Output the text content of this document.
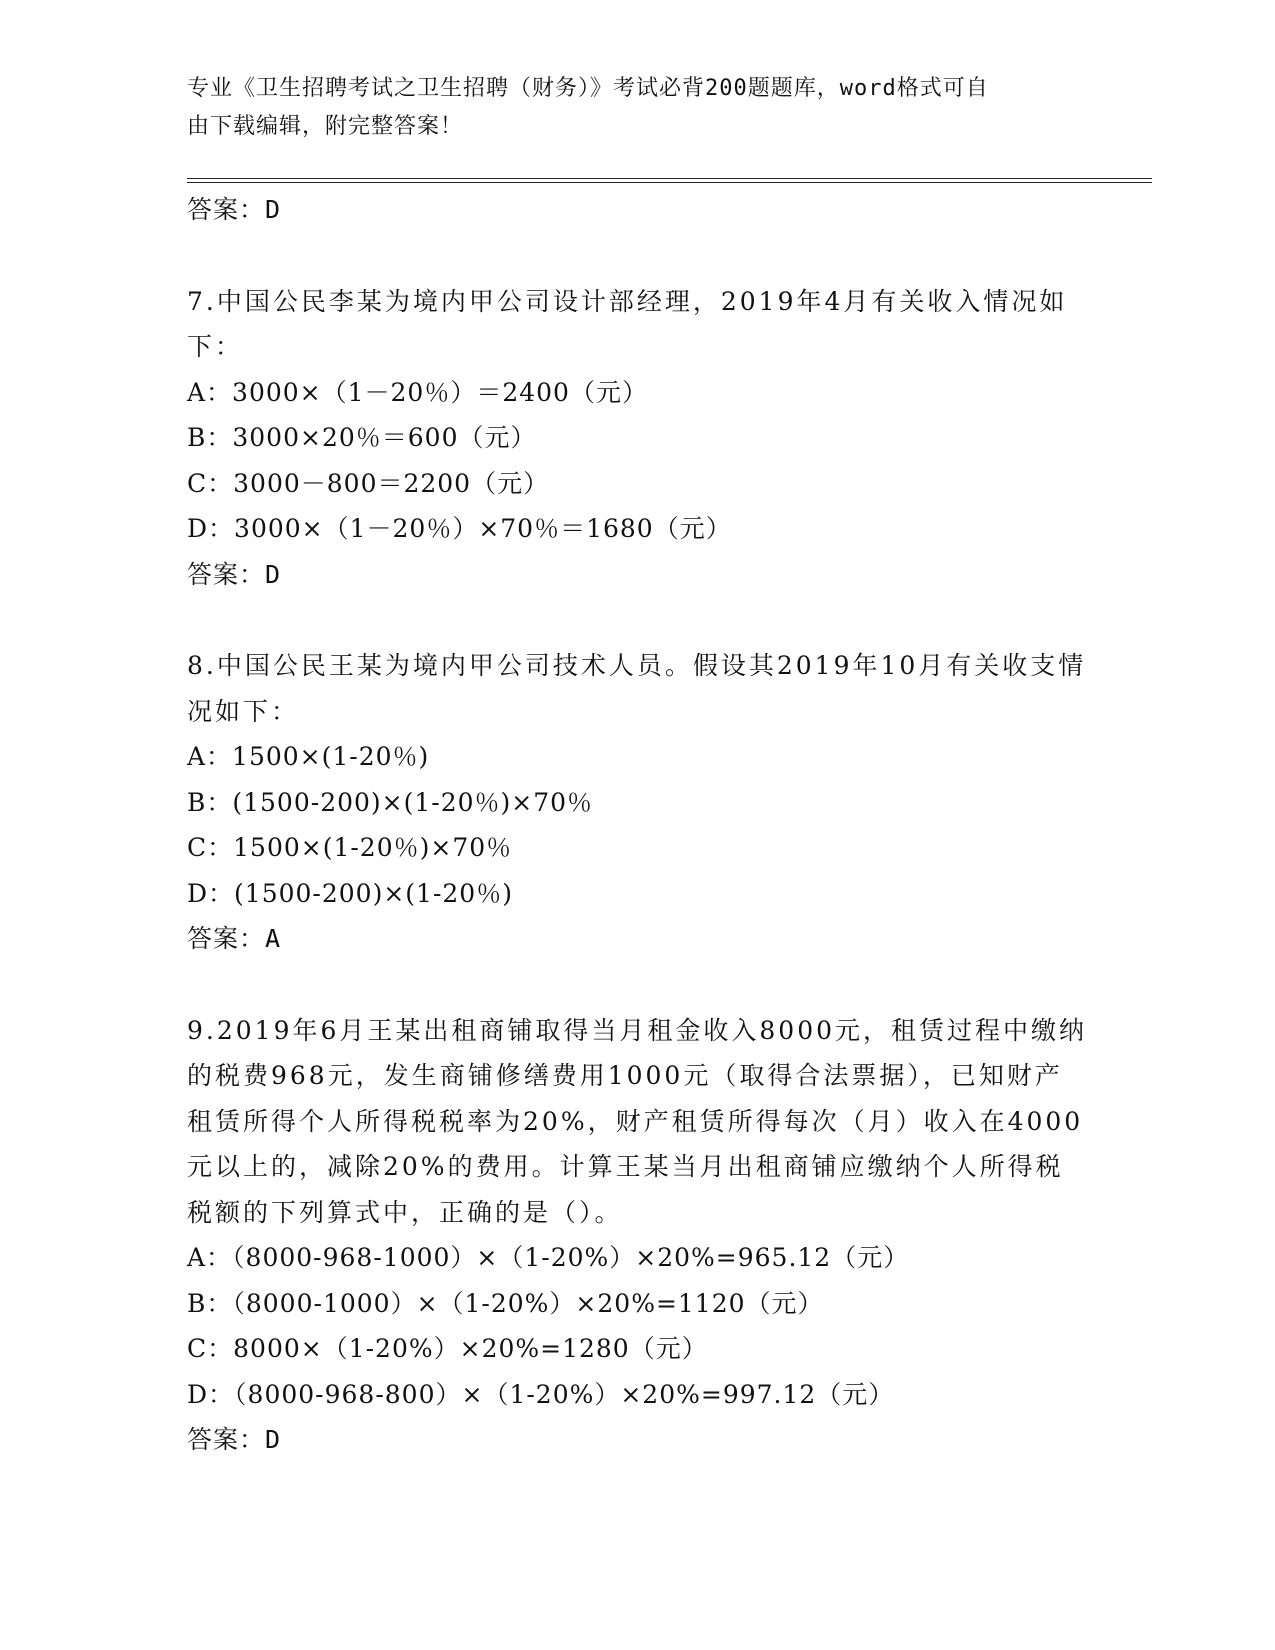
专业《卫生招聘考试之卫生招聘（财务）》考试必背200题题库，word格式可自
由下载编辑，附完整答案！
答案：D
7.中国公民李某为境内甲公司设计部经理，2019年4月有关收入情况如下：
A：3000×（1－20％）＝2400（元）
B：3000×20％＝600（元）
C：3000－800＝2200（元）
D：3000×（1－20％）×70％＝1680（元）
答案：D
8.中国公民王某为境内甲公司技术人员。假设其2019年10月有关收支情况如下：
A：1500×(1-20％)
B：(1500-200)×(1-20％)×70％
C：1500×(1-20％)×70％
D：(1500-200)×(1-20％)
答案：A
9.2019年6月王某出租商铺取得当月租金收入8000元，租赁过程中缴纳的税费968元，发生商铺修缮费用1000元（取得合法票据），已知财产租赁所得个人所得税税率为20%，财产租赁所得每次（月）收入在4000元以上的，减除20%的费用。计算王某当月出租商铺应缴纳个人所得税税额的下列算式中，正确的是（）。
A：（8000-968-1000）×（1-20%）×20%=965.12（元）
B：（8000-1000）×（1-20%）×20%=1120（元）
C：8000×（1-20%）×20%=1280（元）
D：（8000-968-800）×（1-20%）×20%=997.12（元）
答案：D
